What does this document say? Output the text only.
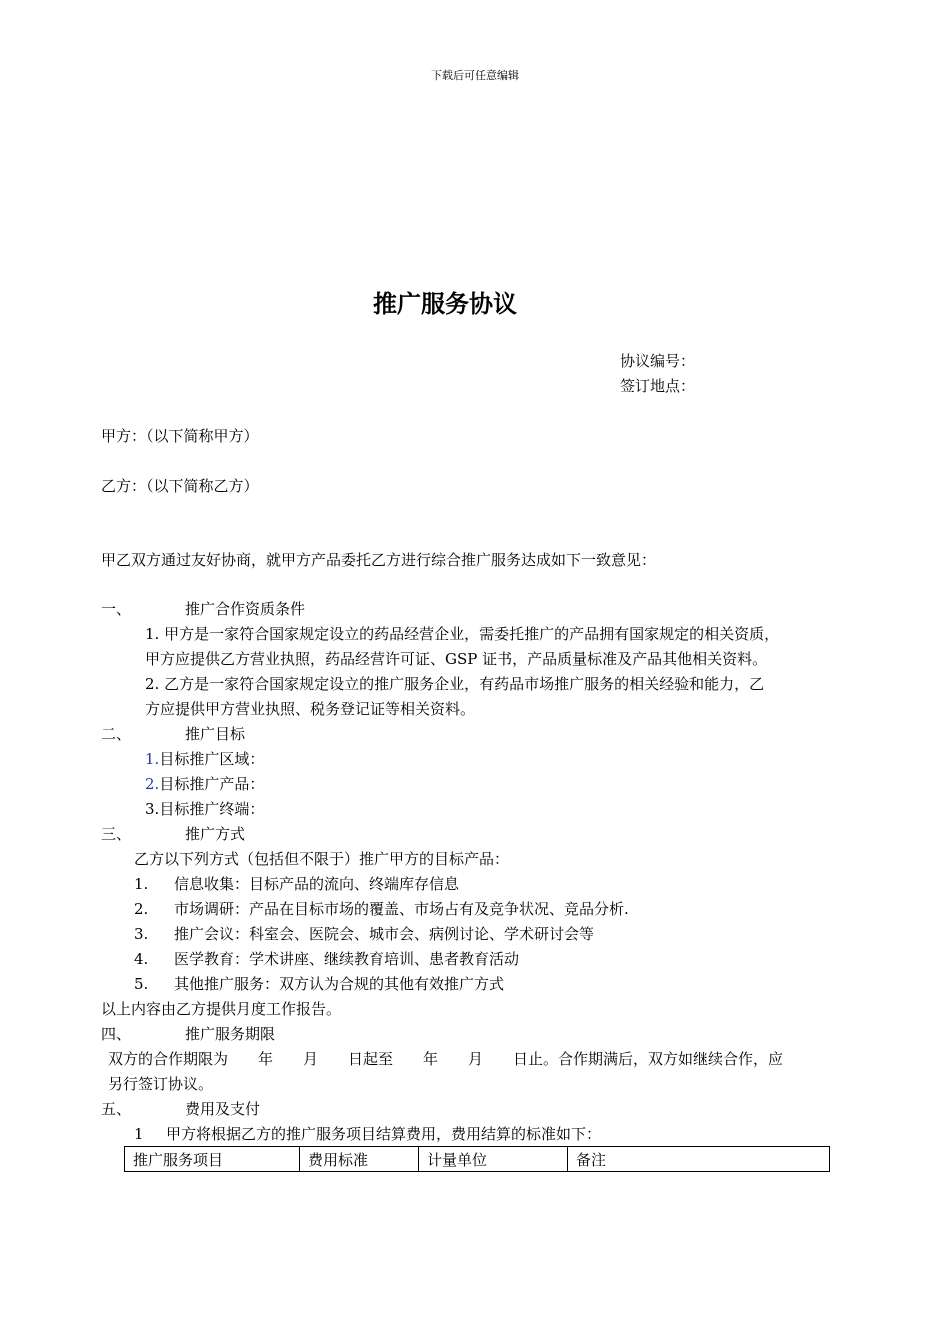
下载后可任意编辑
推广服务协议
协议编号：
签订地点：
甲方：（以下简称甲方）
乙方：（以下简称乙方）
甲乙双方通过友好协商，就甲方产品委托乙方进行综合推广服务达成如下一致意见：
一、	推广合作资质条件
1. 甲方是一家符合国家规定设立的药品经营企业，需委托推广的产品拥有国家规定的相关资质，
甲方应提供乙方营业执照，药品经营许可证、GSP 证书，产品质量标准及产品其他相关资料。
2. 乙方是一家符合国家规定设立的推广服务企业，有药品市场推广服务的相关经验和能力，乙
方应提供甲方营业执照、税务登记证等相关资料。
二、	推广目标
1.目标推广区域：
2.目标推广产品：
3.目标推广终端：
三、	推广方式
乙方以下列方式（包括但不限于）推广甲方的目标产品：
1. 信息收集：目标产品的流向、终端库存信息
2. 市场调研：产品在目标市场的覆盖、市场占有及竞争状况、竞品分析.
3. 推广会议：科室会、医院会、城市会、病例讨论、学术研讨会等
4. 医学教育：学术讲座、继续教育培训、患者教育活动
5. 其他推广服务：双方认为合规的其他有效推广方式
以上内容由乙方提供月度工作报告。
四、	推广服务期限
双方的合作期限为　　年　　月　　日起至　　年　　月　　日止。合作期满后，双方如继续合作，应
另行签订协议。
五、	费用及支付
1 甲方将根据乙方的推广服务项目结算费用，费用结算的标准如下：
推广服务项目	费用标准	计量单位	备注
